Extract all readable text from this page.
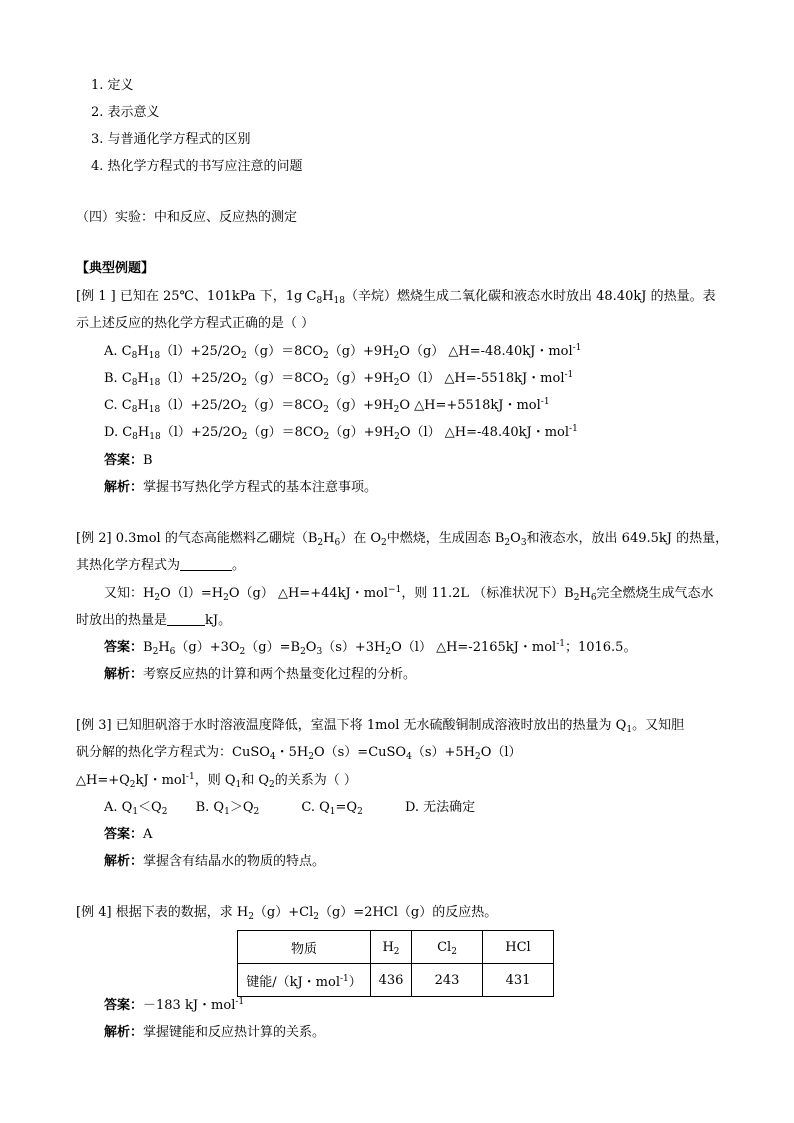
1. 定义
2. 表示意义
3. 与普通化学方程式的区别
4. 热化学方程式的书写应注意的问题
（四）实验：中和反应、反应热的测定
【典型例题】
[例 1 ] 已知在 25℃、101kPa 下，1g $C_8H_{18}$（辛烷）燃烧生成二氧化碳和液态水时放出 48.40kJ 的热量。表
示上述反应的热化学方程式正确的是（ ）
A. $C_8H_{18}(l)+25/2O_2(g)=8CO_2(g)+9H_2O(g)$ △H=-48.40kJ・mol$^{-1}$
B. $C_8H_{18}(l)+25/2O_2(g)=8CO_2(g)+9H_2O(l)$ △H=-5518kJ・mol$^{-1}$
C. $C_8H_{18}(l)+25/2O_2(g)=8CO_2(g)+9H_2O$ △H=+5518kJ・mol$^{-1}$
D. $C_8H_{18}(l)+25/2O_2(g)=8CO_2(g)+9H_2O(l)$ △H=-48.40kJ・mol$^{-1}$
答案：B
解析：掌握书写热化学方程式的基本注意事项。
[例 2] 0.3mol 的气态高能燃料乙硼烷$(B_2H_6)$在 $O_2$中燃烧，生成固态 $B_2O_3$和液态水，放出 649.5kJ 的热量，
其热化学方程式为	。
又知：$H_2O(l)=H_2O(g)$ △H=+44kJ・mol$^{-1}$，则 11.2L （标准状况下）$B_2H_6$完全燃烧生成气态水
时放出的热量是	kJ。
答案：$B_2H_6(g)+3O_2(g)=B_2O_3(s)+3H_2O(l)$ △H=-2165kJ・mol$^{-1}$；1016.5。
解析：考察反应热的计算和两个热量变化过程的分析。
[例 3] 已知胆矾溶于水时溶液温度降低，室温下将 1mol 无水硫酸铜制成溶液时放出的热量为 $Q_1$。又知胆
矾分解的热化学方程式为：CuSO$_4$・$5H_2O(s)=CuSO_4(s)+5H_2O(l)$
$\triangle H=+Q_2kJ$・mol$^{-1}$，则 $Q_1$和 $Q_2$的关系为（ ）
A. $Q_1<Q_2$ B. $Q_1>Q_2$	C. $Q_1=Q_2$	D. 无法确定
答案：A
解析：掌握含有结晶水的物质的特点。
[例 4] 根据下表的数据，求 $H_2(g)+Cl_2(g)=2HCl(g)$的反应热。
物质	$H_2$	$Cl_2$	HCl
键能/（kJ・mol$^{-1}$）	436	243	431
答案：－183 kJ・mol$^{-1}$
解析：掌握键能和反应热计算的关系。
